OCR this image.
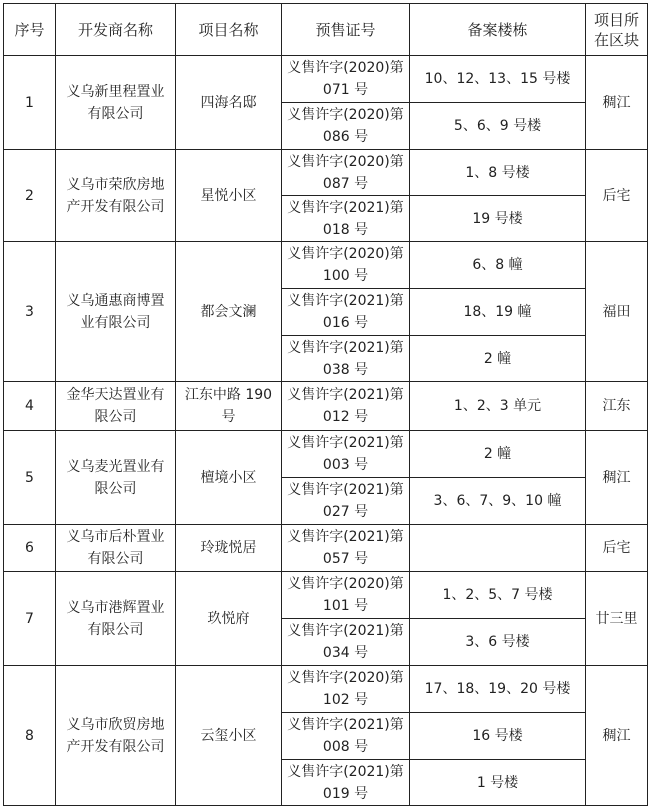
序号	开发商名称	项目名称	预售证号	备案楼栋	项目所在区块
1	义乌新里程置业有限公司	四海名邸	义售许字(2020)第 071 号	10、12、13、15 号楼	稠江
			义售许字(2020)第 086 号	5、6、9 号楼	
2	义乌市荣欣房地产开发有限公司	星悦小区	义售许字(2020)第 087 号	1、8 号楼	后宅
			义售许字(2021)第 018 号	19 号楼	
3	义乌通惠商博置业有限公司	都会文澜	义售许字(2020)第 100 号	6、8 幢	福田
			义售许字(2021)第 016 号	18、19 幢	
			义售许字(2021)第 038 号	2 幢	
4	金华天达置业有限公司	江东中路 190 号	义售许字(2021)第 012 号	1、2、3 单元	江东
5	义乌麦光置业有限公司	檀境小区	义售许字(2021)第 003 号	2 幢	稠江
			义售许字(2021)第 027 号	3、6、7、9、10 幢	
6	义乌市后朴置业有限公司	玲珑悦居	义售许字(2021)第 057 号		后宅
7	义乌市港辉置业有限公司	玖悦府	义售许字(2020)第 101 号	1、2、5、7 号楼	廿三里
			义售许字(2021)第 034 号	3、6 号楼	
8	义乌市欣贸房地产开发有限公司	云玺小区	义售许字(2020)第 102 号	17、18、19、20 号楼	稠江
			义售许字(2021)第 008 号	16 号楼	
			义售许字(2021)第 019 号	1 号楼	
